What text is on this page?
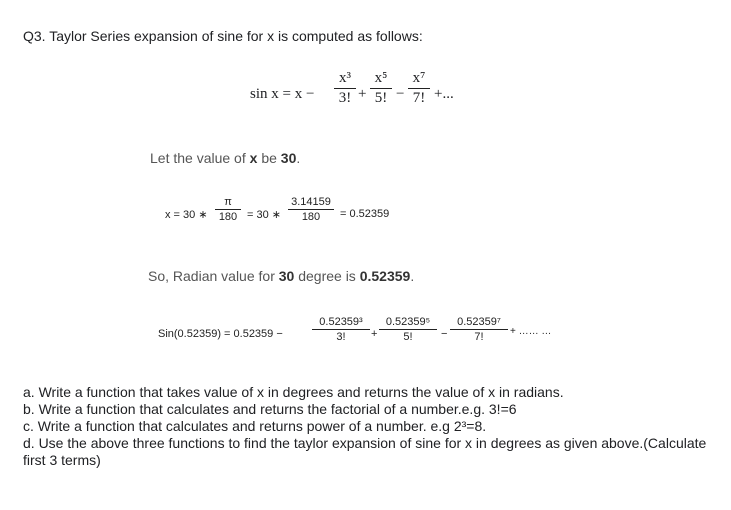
Q3. Taylor Series expansion of sine for x is computed as follows:
sin x = x −
x³
3! +
x⁵
5! −
x⁷
7! +...
Let the value of x be 30.
x = 30 ∗
π
180 = 30 ∗
3.14159
180	= 0.52359
So, Radian value for 30 degree is 0.52359.
Sin(0.52359) = 0.52359 −
0.52359³
3!	+
0.52359⁵
5!	−
0.52359⁷
7!	+ …… …
a. Write a function that takes value of x in degrees and returns the value of x in radians.
b. Write a function that calculates and returns the factorial of a number.e.g. 3!=6
c. Write a function that calculates and returns power of a number. e.g 2³=8.
d. Use the above three functions to find the taylor expansion of sine for x in degrees as given above.(Calculate first 3 terms)
